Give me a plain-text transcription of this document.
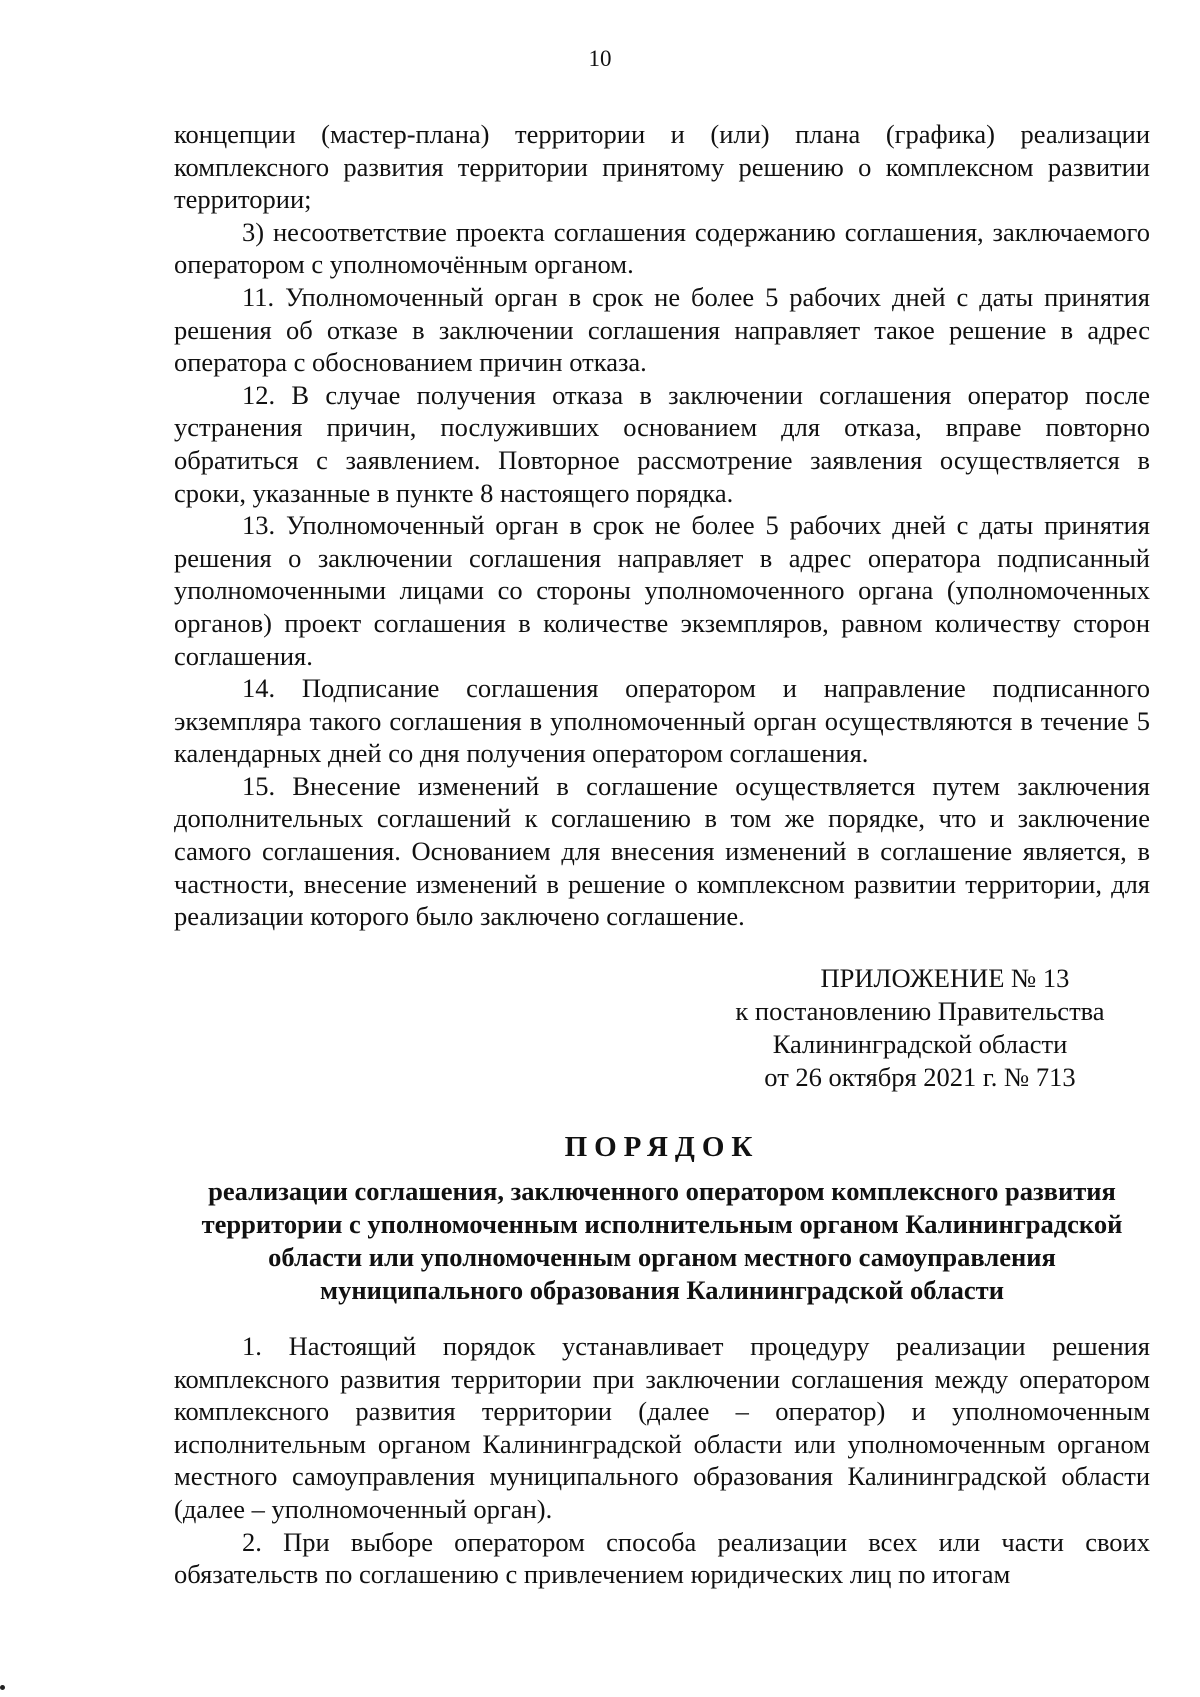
10

концепции (мастер-плана) территории и (или) плана (графика) реализации комплексного развития территории принятому решению о комплексном развитии территории;

3) несоответствие проекта соглашения содержанию соглашения, заключаемого оператором с уполномочённым органом.

11. Уполномоченный орган в срок не более 5 рабочих дней с даты принятия решения об отказе в заключении соглашения направляет такое решение в адрес оператора с обоснованием причин отказа.

12. В случае получения отказа в заключении соглашения оператор после устранения причин, послуживших основанием для отказа, вправе повторно обратиться с заявлением. Повторное рассмотрение заявления осуществляется в сроки, указанные в пункте 8 настоящего порядка.

13. Уполномоченный орган в срок не более 5 рабочих дней с даты принятия решения о заключении соглашения направляет в адрес оператора подписанный уполномоченными лицами со стороны уполномоченного органа (уполномоченных органов) проект соглашения в количестве экземпляров, равном количеству сторон соглашения.

14. Подписание соглашения оператором и направление подписанного экземпляра такого соглашения в уполномоченный орган осуществляются в течение 5 календарных дней со дня получения оператором соглашения.

15. Внесение изменений в соглашение осуществляется путем заключения дополнительных соглашений к соглашению в том же порядке, что и заключение самого соглашения. Основанием для внесения изменений в соглашение является, в частности, внесение изменений в решение о комплексном развитии территории, для реализации которого было заключено соглашение.

ПРИЛОЖЕНИЕ № 13
к постановлению Правительства
Калининградской области
от 26 октября 2021 г. № 713
ПОРЯДОК
реализации соглашения, заключенного оператором комплексного развития территории с уполномоченным исполнительным органом Калининградской области или уполномоченным органом местного самоуправления муниципального образования Калининградской области

1. Настоящий порядок устанавливает процедуру реализации решения комплексного развития территории при заключении соглашения между оператором комплексного развития территории (далее – оператор) и уполномоченным исполнительным органом Калининградской области или уполномоченным органом местного самоуправления муниципального образования Калининградской области (далее – уполномоченный орган).

2. При выборе оператором способа реализации всех или части своих обязательств по соглашению с привлечением юридических лиц по итогам
